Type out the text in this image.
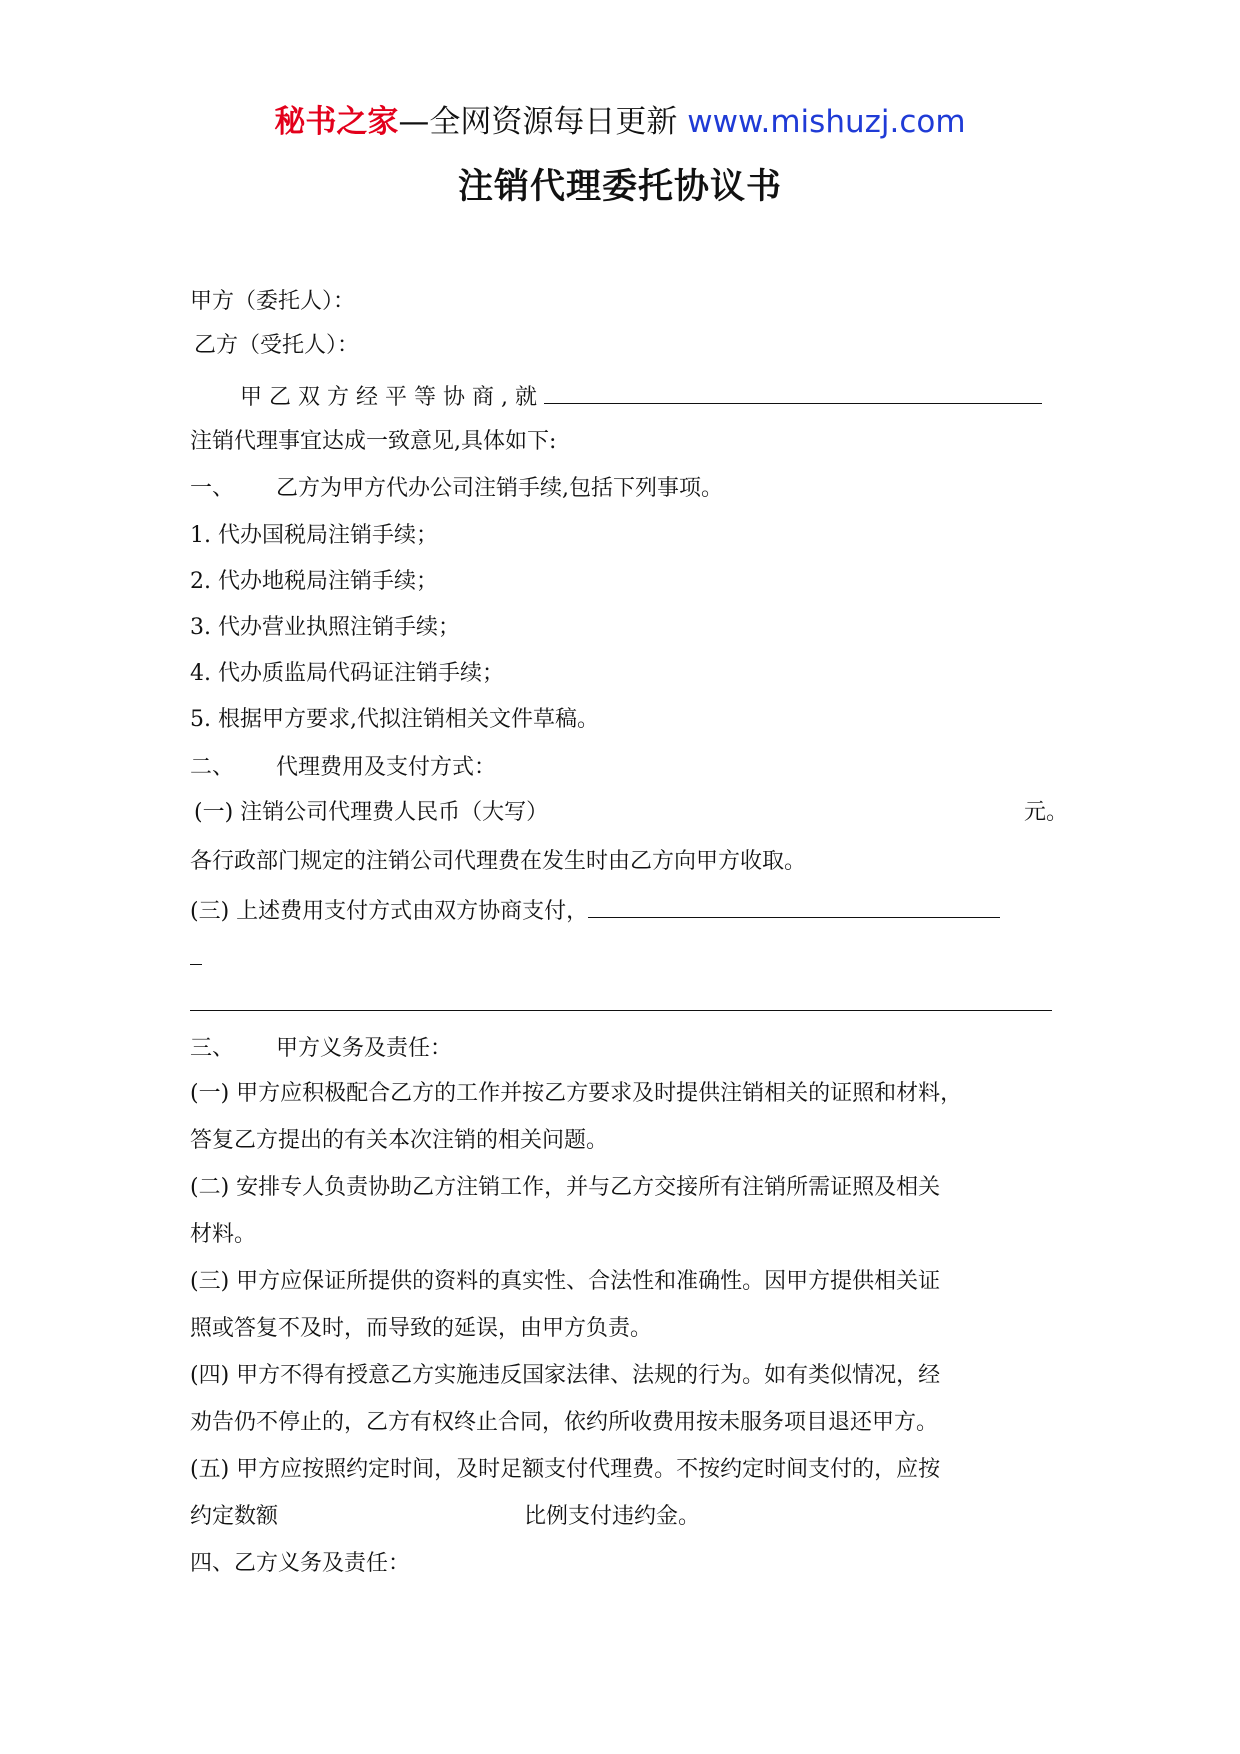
秘书之家—全网资源每日更新 www.mishuzj.com
注销代理委托协议书
甲方（委托人）：
乙方（受托人）：
甲乙双方经平等协商,就
注销代理事宜达成一致意见,具体如下:
一、 乙方为甲方代办公司注销手续,包括下列事项。
1. 代办国税局注销手续；
2. 代办地税局注销手续；
3. 代办营业执照注销手续；
4. 代办质监局代码证注销手续；
5. 根据甲方要求,代拟注销相关文件草稿。
二、 代理费用及支付方式：
(一) 注销公司代理费人民币（大写）	元。
各行政部门规定的注销公司代理费在发生时由乙方向甲方收取。
(三) 上述费用支付方式由双方协商支付，
三、 甲方义务及责任：
(一) 甲方应积极配合乙方的工作并按乙方要求及时提供注销相关的证照和材料，
答复乙方提出的有关本次注销的相关问题。
(二) 安排专人负责协助乙方注销工作，并与乙方交接所有注销所需证照及相关
材料。
(三) 甲方应保证所提供的资料的真实性、合法性和准确性。因甲方提供相关证
照或答复不及时，而导致的延误，由甲方负责。
(四) 甲方不得有授意乙方实施违反国家法律、法规的行为。如有类似情况，经
劝告仍不停止的，乙方有权终止合同，依约所收费用按未服务项目退还甲方。
(五) 甲方应按照约定时间，及时足额支付代理费。不按约定时间支付的，应按
约定数额	比例支付违约金。
四、乙方义务及责任：
